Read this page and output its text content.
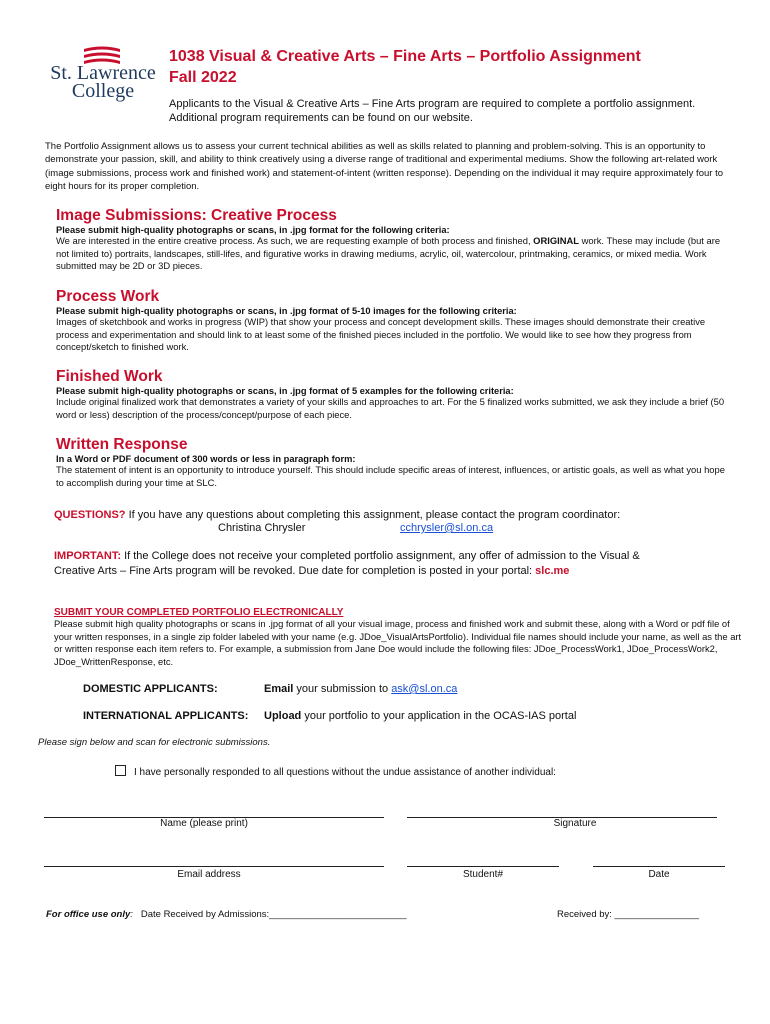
St. Lawrence
College
1038 Visual & Creative Arts – Fine Arts – Portfolio Assignment
Fall 2022
Applicants to the Visual & Creative Arts – Fine Arts program are required to complete a portfolio assignment. Additional program requirements can be found on our website.
The Portfolio Assignment allows us to assess your current technical abilities as well as skills related to planning and problem-solving. This is an opportunity to demonstrate your passion, skill, and ability to think creatively using a diverse range of traditional and experimental mediums. Show the following art-related work (image submissions, process work and finished work) and statement-of-intent (written response). Depending on the individual it may require approximately four to eight hours for its proper completion.
Image Submissions: Creative Process
Please submit high-quality photographs or scans, in .jpg format for the following criteria:
We are interested in the entire creative process. As such, we are requesting example of both process and finished, ORIGINAL work. These may include (but are not limited to) portraits, landscapes, still-lifes, and figurative works in drawing mediums, acrylic, oil, watercolour, printmaking, ceramics, or mixed media. Work submitted may be 2D or 3D pieces.
Process Work
Please submit high-quality photographs or scans, in .jpg format of 5-10 images for the following criteria:
Images of sketchbook and works in progress (WIP) that show your process and concept development skills. These images should demonstrate their creative process and experimentation and should link to at least some of the finished pieces included in the portfolio. We would like to see how they progress from concept/sketch to finished work.
Finished Work
Please submit high-quality photographs or scans, in .jpg format of 5 examples for the following criteria:
Include original finalized work that demonstrates a variety of your skills and approaches to art. For the 5 finalized works submitted, we ask they include a brief (50 word or less) description of the process/concept/purpose of each piece.
Written Response
In a Word or PDF document of 300 words or less in paragraph form:
The statement of intent is an opportunity to introduce yourself. This should include specific areas of interest, influences, or artistic goals, as well as what you hope to accomplish during your time at SLC.
QUESTIONS? If you have any questions about completing this assignment, please contact the program coordinator:
Christina Chrysler	cchrysler@sl.on.ca
IMPORTANT: If the College does not receive your completed portfolio assignment, any offer of admission to the Visual & Creative Arts – Fine Arts program will be revoked. Due date for completion is posted in your portal: slc.me
SUBMIT YOUR COMPLETED PORTFOLIO ELECTRONICALLY
Please submit high quality photographs or scans in .jpg format of all your visual image, process and finished work and submit these, along with a Word or pdf file of your written responses, in a single zip folder labeled with your name (e.g. JDoe_VisualArtsPortfolio). Individual file names should include your name, as well as the art or written response each item refers to. For example, a submission from Jane Doe would include the following files: JDoe_ProcessWork1, JDoe_ProcessWork2, JDoe_WrittenResponse, etc.
DOMESTIC APPLICANTS:	Email your submission to ask@sl.on.ca
INTERNATIONAL APPLICANTS: Upload your portfolio to your application in the OCAS-IAS portal
Please sign below and scan for electronic submissions.
I have personally responded to all questions without the undue assistance of another individual:
Name (please print)	Signature
Email address	Student#	Date
For office use only: Date Received by Admissions:__________________________	Received by: ________________
